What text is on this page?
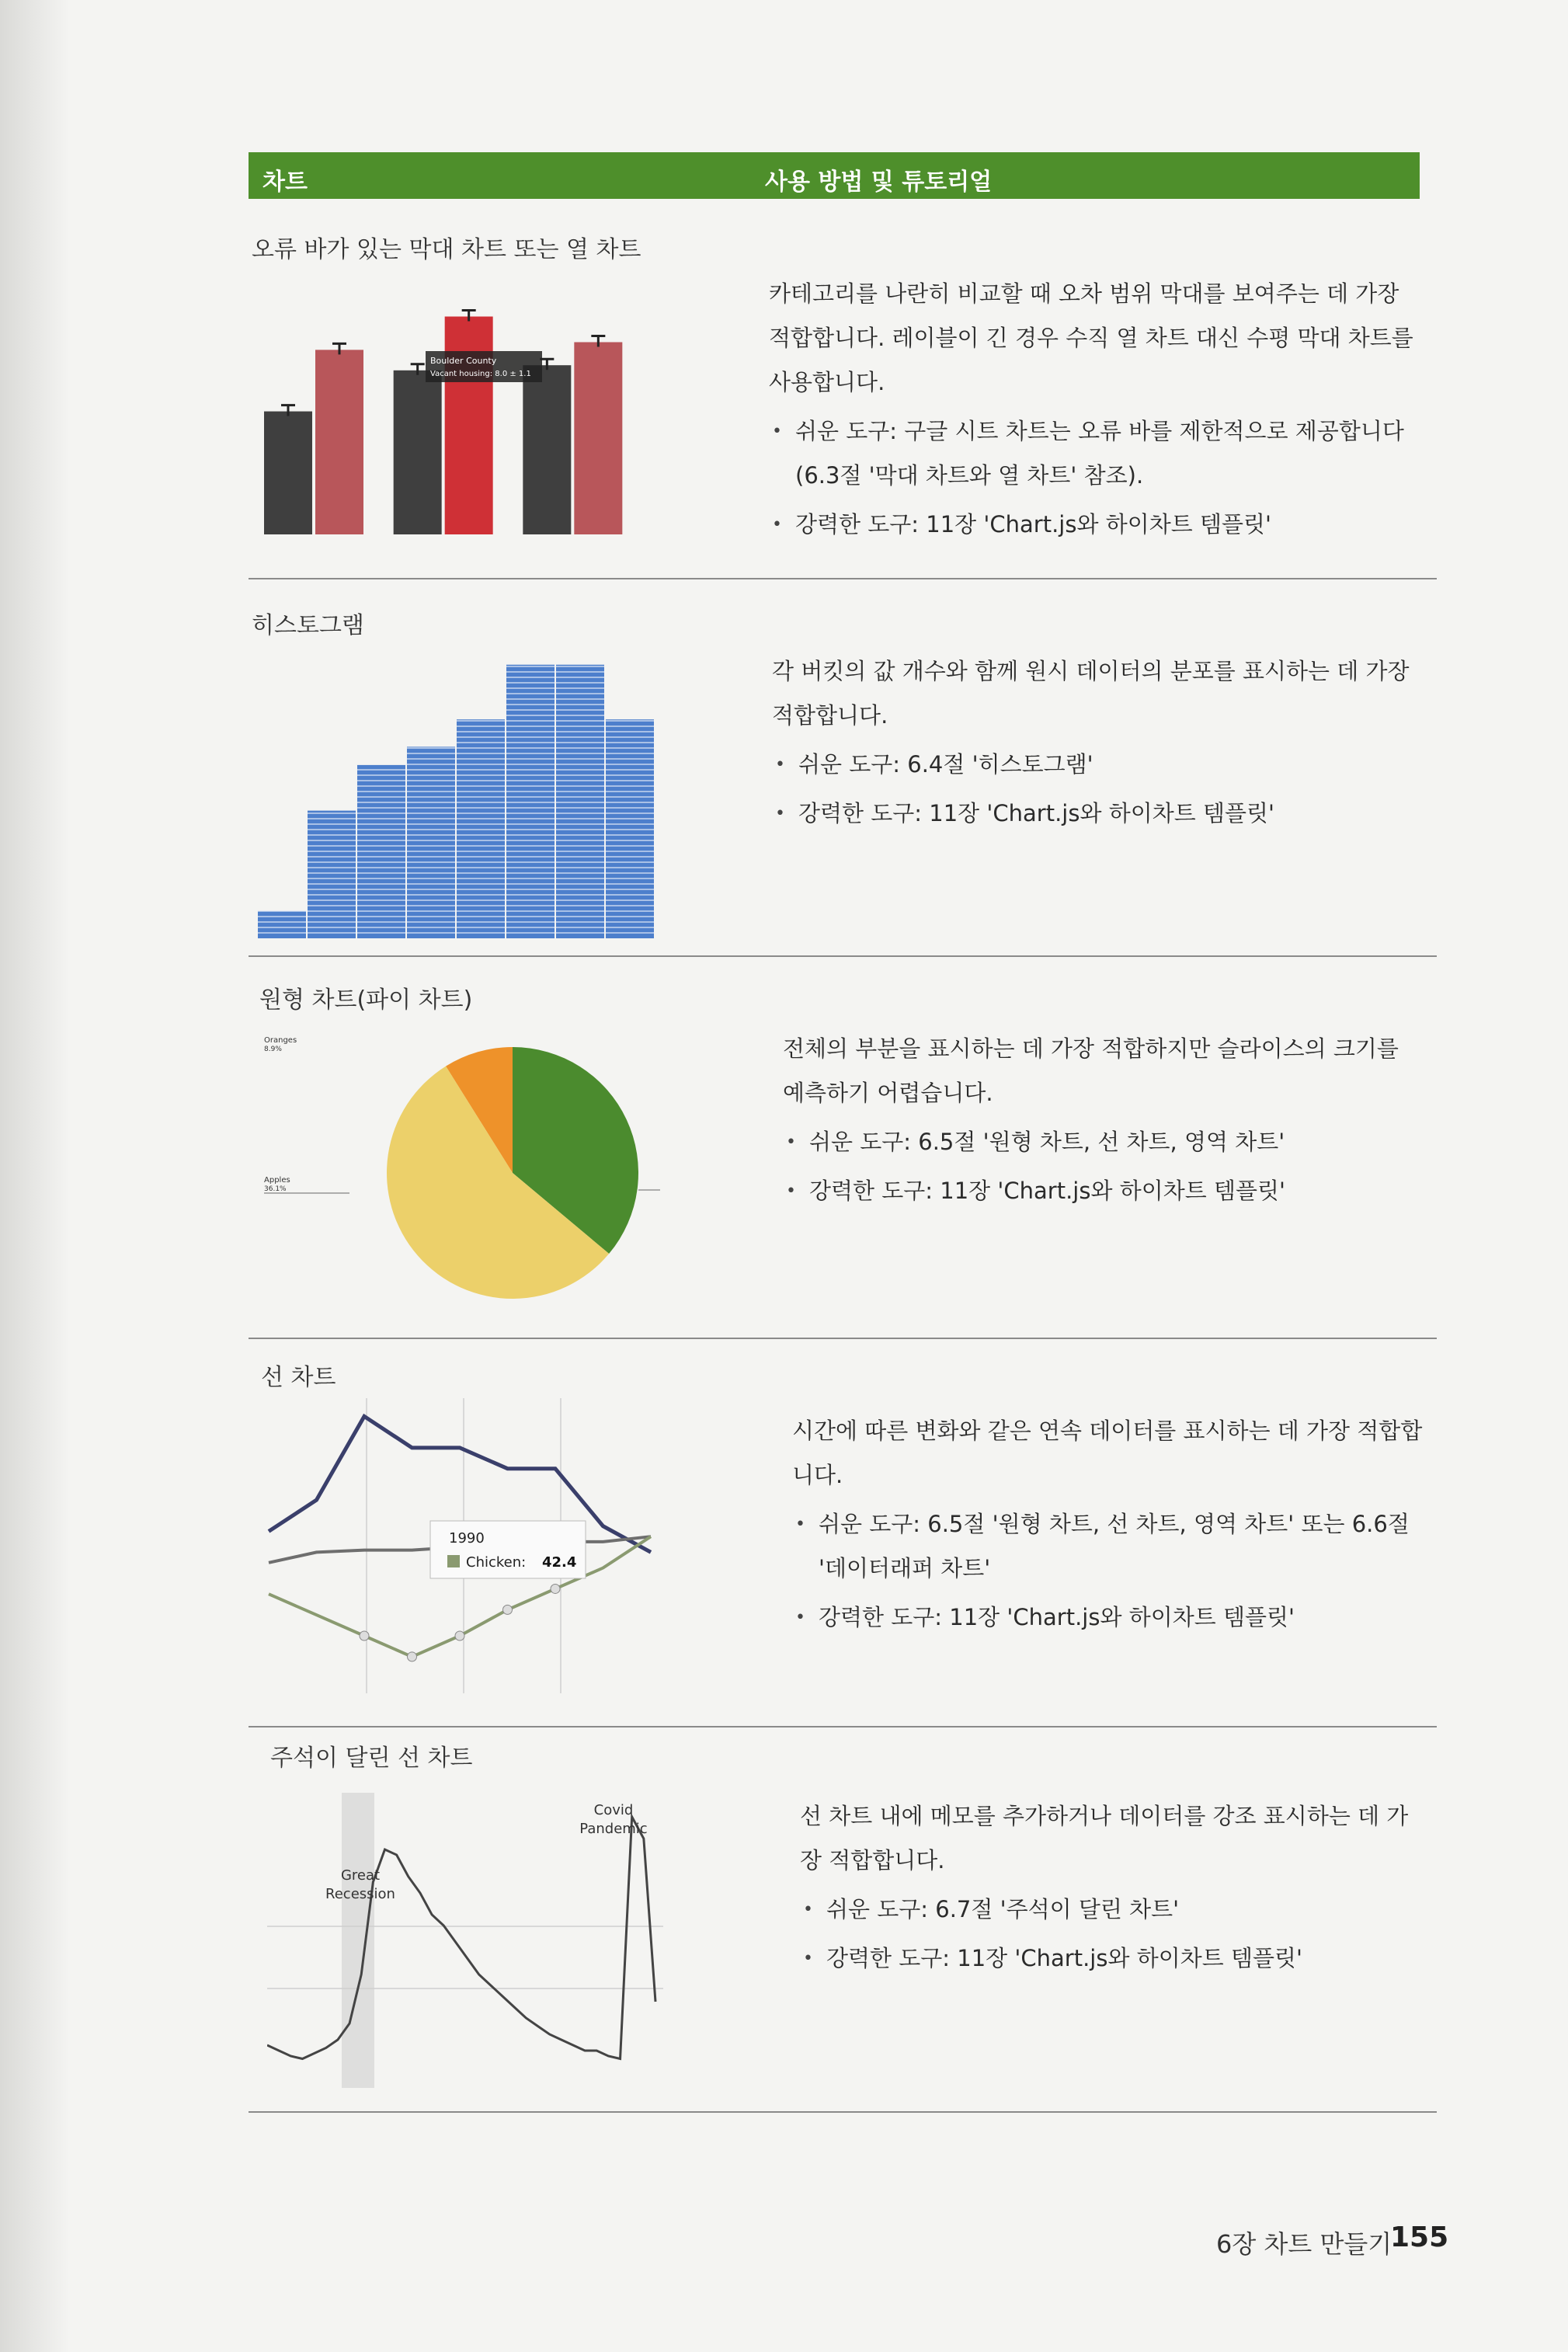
차트	사용 방법 및 튜토리얼
오류 바가 있는 막대 차트 또는 열 차트
Boulder County
Vacant housing: 8.0 ± 1.1

카테고리를 나란히 비교할 때 오차 범위 막대를 보여주는 데 가장 적합합니다. 레이블이 긴 경우 수직 열 차트 대신 수평 막대 차트를 사용합니다.

• 쉬운 도구: 구글 시트 차트는 오류 바를 제한적으로 제공합니다 (6.3절 '막대 차트와 열 차트' 참조).

• 강력한 도구: 11장 'Chart.js와 하이차트 템플릿'

히스토그램

각 버킷의 값 개수와 함께 원시 데이터의 분포를 표시하는 데 가장 적합합니다.

• 쉬운 도구: 6.4절 '히스토그램'

• 강력한 도구: 11장 'Chart.js와 하이차트 템플릿'

원형 차트(파이 차트)
Oranges
8.9%
Apples
36.1%

전체의 부분을 표시하는 데 가장 적합하지만 슬라이스의 크기를 예측하기 어렵습니다.

• 쉬운 도구: 6.5절 '원형 차트, 선 차트, 영역 차트'

• 강력한 도구: 11장 'Chart.js와 하이차트 템플릿'

선 차트
1990
Chicken: 42.4

시간에 따른 변화와 같은 연속 데이터를 표시하는 데 가장 적합합니다.

• 쉬운 도구: 6.5절 '원형 차트, 선 차트, 영역 차트' 또는 6.6절 '데이터래퍼 차트'

• 강력한 도구: 11장 'Chart.js와 하이차트 템플릿'

주석이 달린 선 차트
Great
Recession
Covid
Pandemic	선 차트 내에 메모를 추가하거나 데이터를 강조 표시하는 데 가장 적합합니다.

• 쉬운 도구: 6.7절 '주석이 달린 차트'

• 강력한 도구: 11장 'Chart.js와 하이차트 템플릿'

6장 차트 만들기
155
